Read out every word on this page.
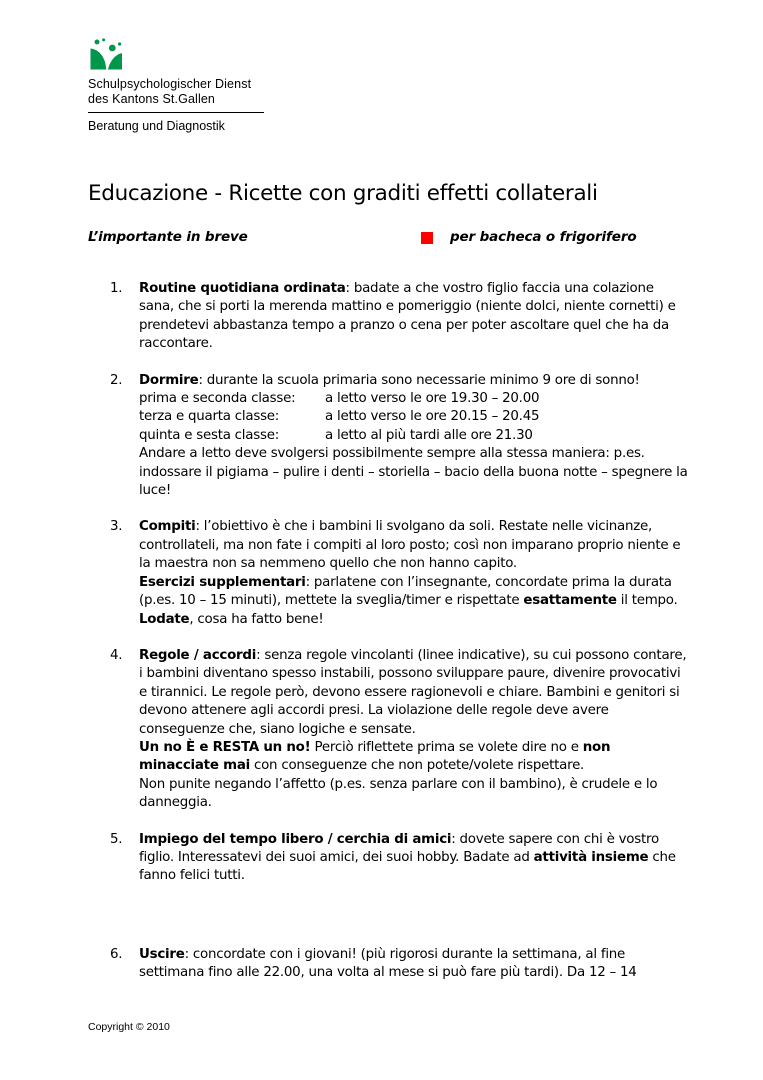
Schulpsychologischer Dienst
des Kantons St.Gallen
Beratung und Diagnostik
Educazione - Ricette con graditi effetti collaterali
L’importante in breve	per bacheca o frigorifero
1.	Routine quotidiana ordinata: badate a che vostro figlio faccia una colazione sana, che si porti la merenda mattino e pomeriggio (niente dolci, niente cornetti) e prendetevi abbastanza tempo a pranzo o cena per poter ascoltare quel che ha da raccontare.

2.	Dormire: durante la scuola primaria sono necessarie minimo 9 ore di sonno!

prima e seconda classe:	a letto verso le ore 19.30 – 20.00
terza e quarta classe:	a letto verso le ore 20.15 – 20.45
quinta e sesta classe:	a letto al più tardi alle ore 21.30

Andare a letto deve svolgersi possibilmente sempre alla stessa maniera: p.es. indossare il pigiama – pulire i denti – storiella – bacio della buona notte – spegnere la luce!

3.	Compiti: l’obiettivo è che i bambini li svolgano da soli. Restate nelle vicinanze, controllateli, ma non fate i compiti al loro posto; così non imparano proprio niente e la maestra non sa nemmeno quello che non hanno capito.

Esercizi supplementari: parlatene con l’insegnante, concordate prima la durata (p.es. 10 – 15 minuti), mettete la sveglia/timer e rispettate esattamente il tempo.

Lodate, cosa ha fatto bene!

4.	Regole / accordi: senza regole vincolanti (linee indicative), su cui possono contare, i bambini diventano spesso instabili, possono sviluppare paure, divenire provocativi e tirannici. Le regole però, devono essere ragionevoli e chiare. Bambini e genitori si devono attenere agli accordi presi. La violazione delle regole deve avere conseguenze che, siano logiche e sensate.

Un no È e RESTA un no! Perciò riflettete prima se volete dire no e non minacciate mai con conseguenze che non potete/volete rispettare.

Non punite negando l’affetto (p.es. senza parlare con il bambino), è crudele e lo danneggia.

5.	Impiego del tempo libero / cerchia di amici: dovete sapere con chi è vostro figlio. Interessatevi dei suoi amici, dei suoi hobby. Badate ad attività insieme che fanno felici tutti.

6.	Uscire: concordate con i giovani! (più rigorosi durante la settimana, al fine settimana fino alle 22.00, una volta al mese si può fare più tardi). Da 12 – 14

Copyright © 2010
